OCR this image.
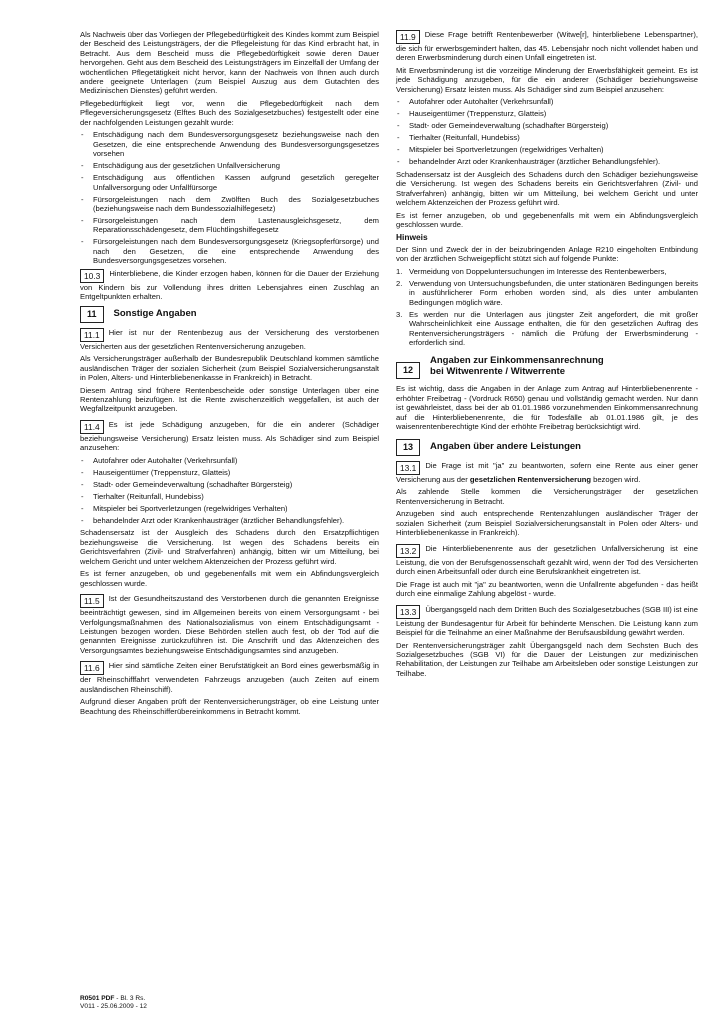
Als Nachweis über das Vorliegen der Pflegebedürftigkeit des Kindes kommt zum Beispiel der Bescheid des Leistungsträgers, der die Pflegeleistung für das Kind erbracht hat, in Betracht. Aus dem Bescheid muss die Pflegebedürftigkeit sowie deren Dauer hervorgehen. Geht aus dem Bescheid des Leistungsträgers im Einzelfall der Umfang der wöchentlichen Pflegetätigkeit nicht hervor, kann der Nachweis von Ihnen auch durch andere geeignete Unterlagen (zum Beispiel Auszug aus dem Gutachten des Medizinischen Dienstes) geführt werden.

Pflegebedürftigkeit liegt vor, wenn die Pflegebedürftigkeit nach dem Pflegeversicherungsgesetz (Elftes Buch des Sozialgesetzbuches) festgestellt oder eine der nachfolgenden Leistungen gezahlt wurde:

- Entschädigung nach dem Bundesversorgungsgesetz beziehungsweise nach den Gesetzen, die eine entsprechende Anwendung des Bundesversorgungsgesetzes vorsehen
- Entschädigung aus der gesetzlichen Unfallversicherung
- Entschädigung aus öffentlichen Kassen aufgrund gesetzlich geregelter Unfallversorgung oder Unfallfürsorge
- Fürsorgeleistungen nach dem Zwölften Buch des Sozialgesetzbuches (beziehungsweise nach dem Bundessozialhilfegesetz)
- Fürsorgeleistungen nach dem Lastenausgleichsgesetz, dem Reparationsschädengesetz, dem Flüchtlingshilfegesetz
- Fürsorgeleistungen nach dem Bundesversorgungsgesetz (Kriegsopferfürsorge) und nach den Gesetzen, die eine entsprechende Anwendung des Bundesversorgungsgesetzes vorsehen.

10.3 Hinterbliebene, die Kinder erzogen haben, können für die Dauer der Erziehung von Kindern bis zur Vollendung ihres dritten Lebensjahres einen Zuschlag an Entgeltpunkten erhalten.

11	Sonstige Angaben

11.1 Hier ist nur der Rentenbezug aus der Versicherung des verstorbenen Versicherten aus der gesetzlichen Rentenversicherung anzugeben.

Als Versicherungsträger außerhalb der Bundesrepublik Deutschland kommen sämtliche ausländischen Träger der sozialen Sicherheit (zum Beispiel Sozialversicherungsanstalt in Polen, Alters- und Hinterbliebenenkasse in Frankreich) in Betracht.

Diesem Antrag sind frühere Rentenbescheide oder sonstige Unterlagen über eine Rentenzahlung beizufügen. Ist die Rente zwischenzeitlich weggefallen, ist auch der Wegfallzeitpunkt anzugeben.

11.4 Es ist jede Schädigung anzugeben, für die ein anderer (Schädiger beziehungsweise Versicherung) Ersatz leisten muss. Als Schädiger sind zum Beispiel anzusehen:

- Autofahrer oder Autohalter (Verkehrsunfall)
- Hauseigentümer (Treppensturz, Glatteis)
- Stadt- oder Gemeindeverwaltung (schadhafter Bürgersteig)
- Tierhalter (Reitunfall, Hundebiss)
- Mitspieler bei Sportverletzungen (regelwidriges Verhalten)
- behandelnder Arzt oder Krankenhausträger (ärztlicher Behandlungsfehler).

Schadensersatz ist der Ausgleich des Schadens durch den Ersatzpflichtigen beziehungsweise die Versicherung. Ist wegen des Schadens bereits ein Gerichtsverfahren (Zivil- und Strafverfahren) anhängig, bitten wir um Mitteilung, bei welchem Gericht und unter welchem Aktenzeichen der Prozess geführt wird.

Es ist ferner anzugeben, ob und gegebenenfalls mit wem ein Abfindungsvergleich geschlossen wurde.

11.5 Ist der Gesundheitszustand des Verstorbenen durch die genannten Ereignisse beeinträchtigt gewesen, sind im Allgemeinen bereits von einem Versorgungsamt - bei Verfolgungsmaßnahmen des Nationalsozialismus von einem Entschädigungsamt - Leistungen bezogen worden. Diese Behörden stellen auch fest, ob der Tod auf die genannten Ereignisse zurückzuführen ist. Die Anschrift und das Aktenzeichen des Versorgungsamtes beziehungsweise Entschädigungsamtes sind anzugeben.

11.6 Hier sind sämtliche Zeiten einer Berufstätigkeit an Bord eines gewerbsmäßig in der Rheinschifffahrt verwendeten Fahrzeugs anzugeben (auch Zeiten auf einem ausländischen Rheinschiff).

Aufgrund dieser Angaben prüft der Rentenversicherungsträger, ob eine Leistung unter Beachtung des Rheinschifferübereinkommens in Betracht kommt.

11.9 Diese Frage betrifft Rentenbewerber (Witwe[r], hinterbliebene Lebenspartner), die sich für erwerbsgemindert halten, das 45. Lebensjahr noch nicht vollendet haben und deren Erwerbsminderung durch einen Unfall eingetreten ist.

Mit Erwerbsminderung ist die vorzeitige Minderung der Erwerbsfähigkeit gemeint. Es ist jede Schädigung anzugeben, für die ein anderer (Schädiger beziehungsweise Versicherung) Ersatz leisten muss. Als Schädiger sind zum Beispiel anzusehen:

- Autofahrer oder Autohalter (Verkehrsunfall)
- Hauseigentümer (Treppensturz, Glatteis)
- Stadt- oder Gemeindeverwaltung (schadhafter Bürgersteig)
- Tierhalter (Reitunfall, Hundebiss)
- Mitspieler bei Sportverletzungen (regelwidriges Verhalten)
- behandelnder Arzt oder Krankenhausträger (ärztlicher Behandlungsfehler).

Schadensersatz ist der Ausgleich des Schadens durch den Schädiger beziehungsweise die Versicherung. Ist wegen des Schadens bereits ein Gerichtsverfahren (Zivil- und Strafverfahren) anhängig, bitten wir um Mitteilung, bei welchem Gericht und unter welchem Aktenzeichen der Prozess geführt wird.

Es ist ferner anzugeben, ob und gegebenenfalls mit wem ein Abfindungsvergleich geschlossen wurde.

Hinweis

Der Sinn und Zweck der in der beizubringenden Anlage R210 eingeholten Entbindung von der ärztlichen Schweigepflicht stützt sich auf folgende Punkte:

1. Vermeidung von Doppeluntersuchungen im Interesse des Rentenbewerbers,
2. Verwendung von Untersuchungsbefunden, die unter stationären Bedingungen bereits in ausführlicherer Form erhoben worden sind, als dies unter ambulanten Bedingungen möglich wäre.
3. Es werden nur die Unterlagen aus jüngster Zeit angefordert, die mit großer Wahrscheinlichkeit eine Aussage enthalten, die für den gesetzlichen Auftrag des Rentenversicherungsträgers - nämlich die Prüfung der Erwerbsminderung - erforderlich sind.
12
Angaben zur Einkommensanrechnung
bei Witwenrente / Witwerrente

Es ist wichtig, dass die Angaben in der Anlage zum Antrag auf Hinterbliebenenrente - erhöhter Freibetrag - (Vordruck R650) genau und vollständig gemacht werden. Nur dann ist gewährleistet, dass bei der ab 01.01.1986 vorzunehmenden Einkommensanrechnung auf die Hinterbliebenenrente, die für Todesfälle ab 01.01.1986 gilt, je des waisenrentenberechtigte Kind der erhöhte Freibetrag berücksichtigt wird.

13	Angaben über andere Leistungen

13.1 Die Frage ist mit "ja" zu beantworten, sofern eine Rente aus einer gener Versicherung aus der gesetzlichen Rentenversicherung bezogen wird.

Als zahlende Stelle kommen die Versicherungsträger der gesetzlichen Rentenversicherung in Betracht.

Anzugeben sind auch entsprechende Rentenzahlungen ausländischer Träger der sozialen Sicherheit (zum Beispiel Sozialversicherungsanstalt in Polen oder Alters- und Hinterbliebenenkasse in Frankreich).

13.2 Die Hinterbliebenenrente aus der gesetzlichen Unfallversicherung ist eine Leistung, die von der Berufsgenossenschaft gezahlt wird, wenn der Tod des Versicherten durch einen Arbeitsunfall oder durch eine Berufskrankheit eingetreten ist.

Die Frage ist auch mit "ja" zu beantworten, wenn die Unfallrente abgefunden - das heißt durch eine einmalige Zahlung abgelöst - wurde.

13.3 Übergangsgeld nach dem Dritten Buch des Sozialgesetzbuches (SGB III) ist eine Leistung der Bundesagentur für Arbeit für behinderte Menschen. Die Leistung kann zum Beispiel für die Teilnahme an einer Maßnahme der Berufsausbildung gewährt werden.

Der Rentenversicherungsträger zahlt Übergangsgeld nach dem Sechsten Buch des Sozialgesetzbuches (SGB VI) für die Dauer der Leistungen zur medizinischen Rehabilitation, der Leistungen zur Teilhabe am Arbeitsleben oder sonstige Leistungen zur Teilhabe.

R0501 PDF - Bl. 3 Rs.
V011 - 25.06.2009 - 12
